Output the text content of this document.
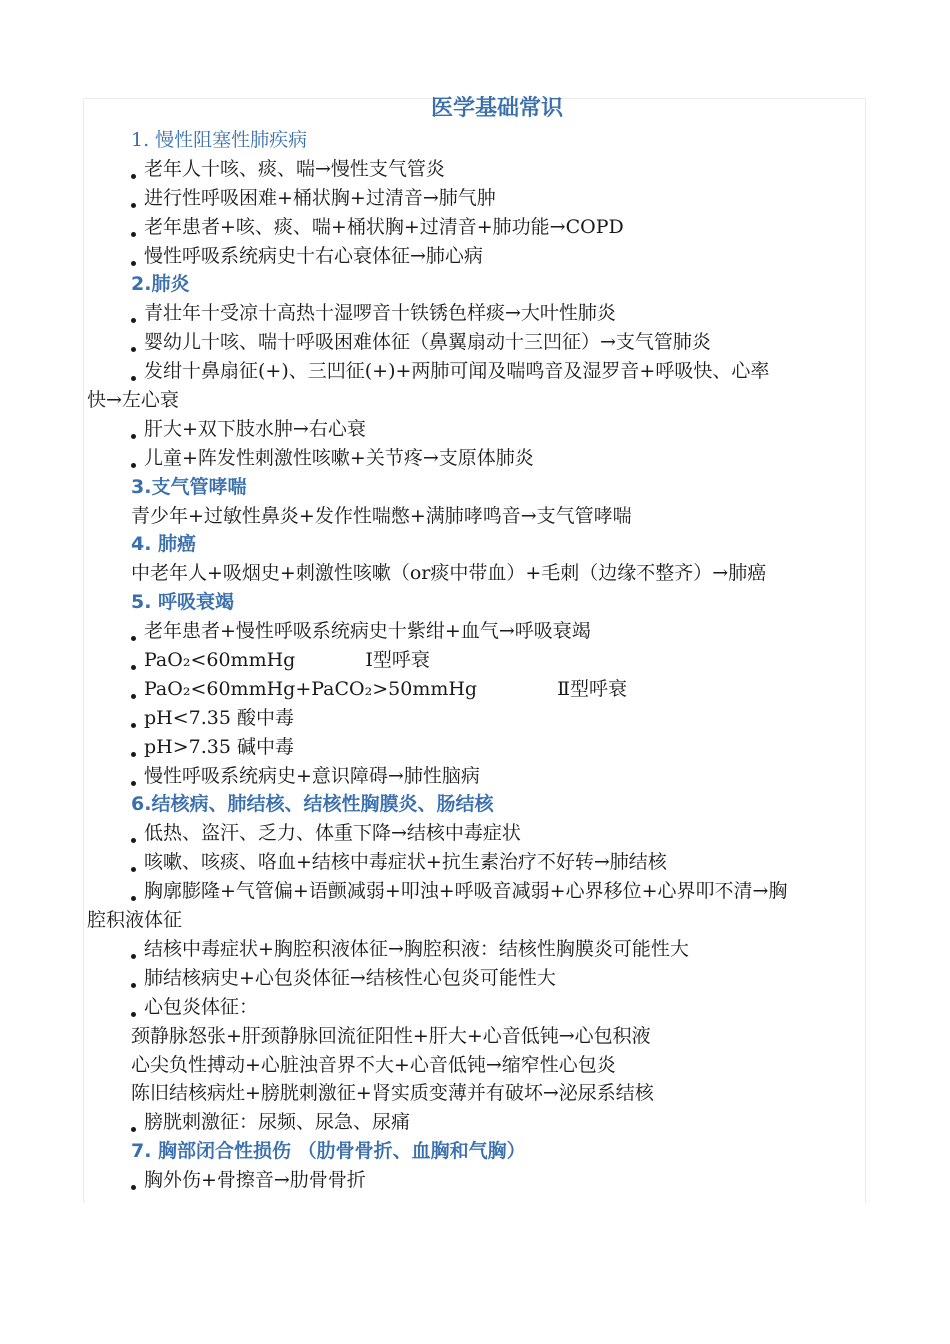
医学基础常识
1. 慢性阻塞性肺疾病
老年人十咳、痰、喘→慢性支气管炎
进行性呼吸困难+桶状胸+过清音→肺气肿
老年患者+咳、痰、喘+桶状胸+过清音+肺功能→COPD
慢性呼吸系统病史十右心衰体征→肺心病
2.肺炎
青壮年十受凉十高热十湿啰音十铁锈色样痰→大叶性肺炎
婴幼儿十咳、喘十呼吸困难体征（鼻翼扇动十三凹征）→支气管肺炎
发绀十鼻扇征(+)、三凹征(+)+两肺可闻及喘鸣音及湿罗音+呼吸快、心率
快→左心衰
肝大+双下肢水肿→右心衰
儿童+阵发性刺激性咳嗽+关节疼→支原体肺炎
3.支气管哮喘
青少年+过敏性鼻炎+发作性喘憋+满肺哮鸣音→支气管哮喘
4. 肺癌
中老年人+吸烟史+刺激性咳嗽（or痰中带血）+毛刺（边缘不整齐）→肺癌
5. 呼吸衰竭
老年患者+慢性呼吸系统病史十紫绀+血气→呼吸衰竭
PaO₂<60mmHg	Ⅰ型呼衰
PaO₂<60mmHg+PaCO₂>50mmHg	Ⅱ型呼衰
pH<7.35 酸中毒
pH>7.35 碱中毒
慢性呼吸系统病史+意识障碍→肺性脑病
6.结核病、肺结核、结核性胸膜炎、肠结核
低热、盗汗、乏力、体重下降→结核中毒症状
咳嗽、咳痰、咯血+结核中毒症状+抗生素治疗不好转→肺结核
胸廓膨隆+气管偏+语颤减弱+叩浊+呼吸音减弱+心界移位+心界叩不清→胸
腔积液体征
结核中毒症状+胸腔积液体征→胸腔积液：结核性胸膜炎可能性大
肺结核病史+心包炎体征→结核性心包炎可能性大
心包炎体征：
颈静脉怒张+肝颈静脉回流征阳性+肝大+心音低钝→心包积液
心尖负性搏动+心脏浊音界不大+心音低钝→缩窄性心包炎
陈旧结核病灶+膀胱刺激征+肾实质变薄并有破坏→泌尿系结核
膀胱刺激征：尿频、尿急、尿痛
7. 胸部闭合性损伤 （肋骨骨折、血胸和气胸）
胸外伤+骨擦音→肋骨骨折
